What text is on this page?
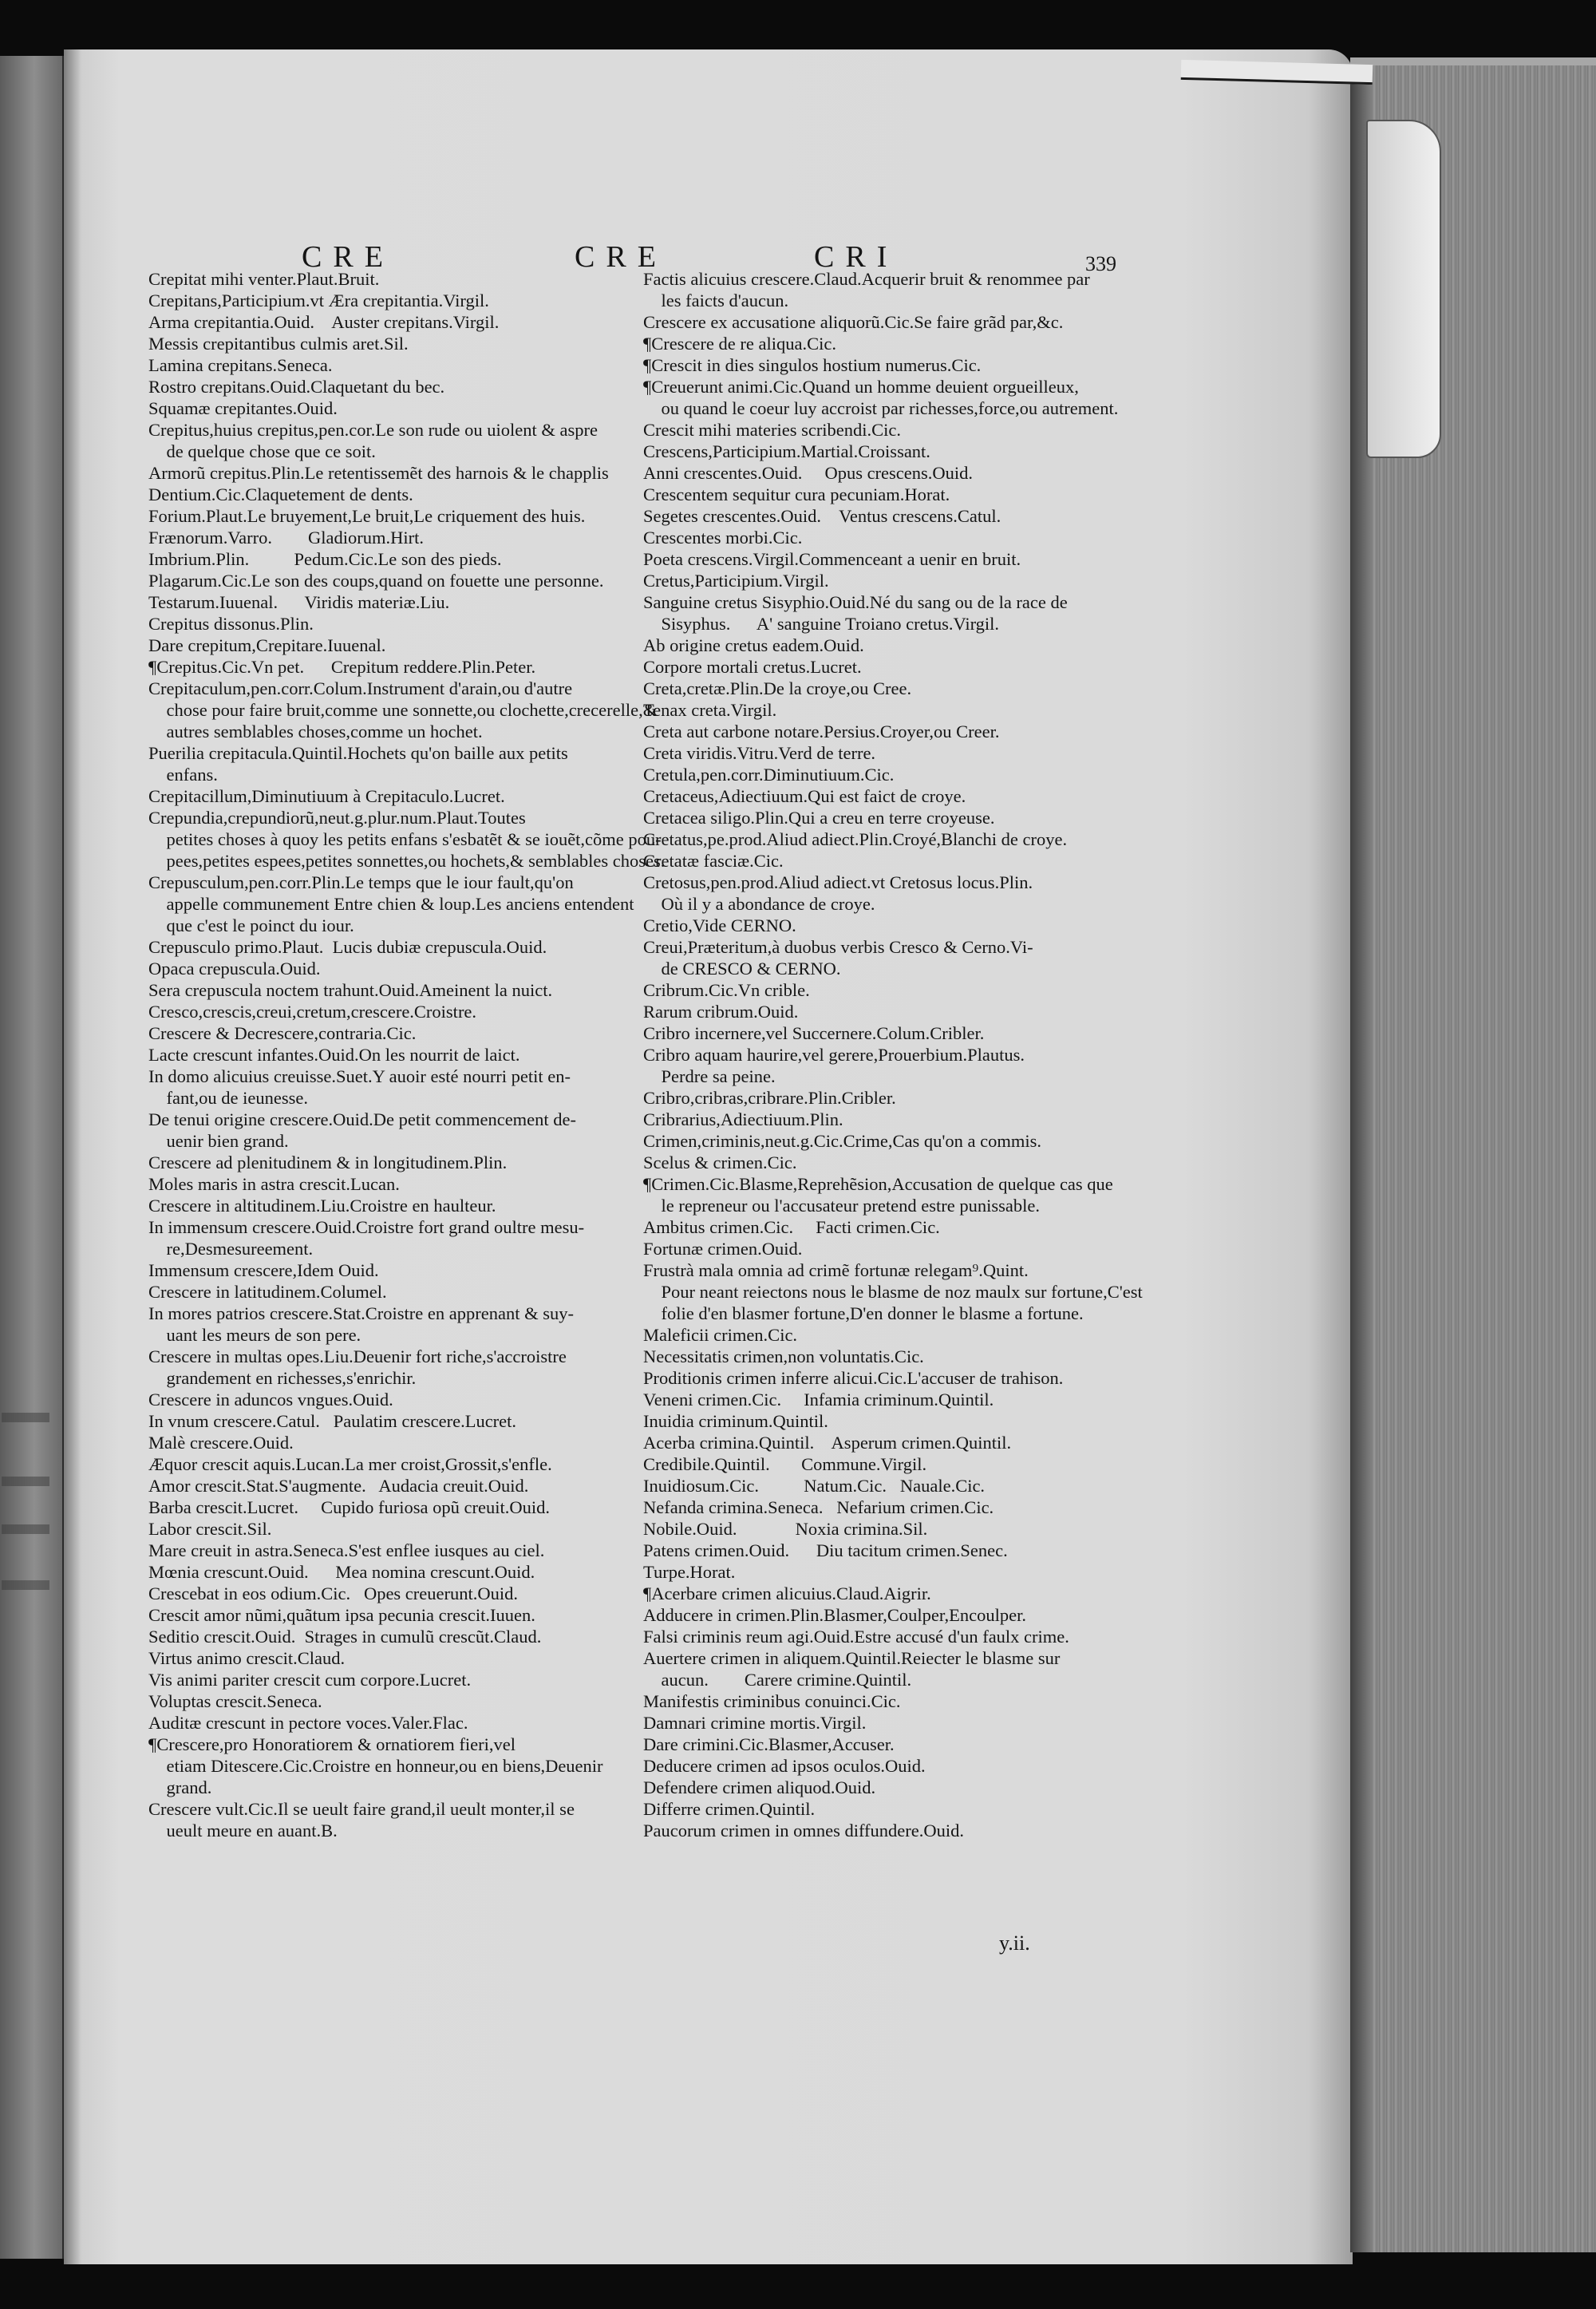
CRE	CRE	CRI	339
Crepitat mihi venter.Plaut.Bruit.
Crepitans,Participium.vt Æra crepitantia.Virgil.
Arma crepitantia.Ouid.    Auster crepitans.Virgil.
Messis crepitantibus culmis aret.Sil.
Lamina crepitans.Seneca.
Rostro crepitans.Ouid.Claquetant du bec.
Squamæ crepitantes.Ouid.
Crepitus,huius crepitus,pen.cor.Le son rude ou uiolent & aspre
de quelque chose que ce soit.
Armorũ crepitus.Plin.Le retentissemẽt des harnois & le chapplis
Dentium.Cic.Claquetement de dents.
Forium.Plaut.Le bruyement,Le bruit,Le criquement des huis.
Frænorum.Varro.        Gladiorum.Hirt.
Imbrium.Plin.          Pedum.Cic.Le son des pieds.
Plagarum.Cic.Le son des coups,quand on fouette une personne.
Testarum.Iuuenal.      Viridis materiæ.Liu.
Crepitus dissonus.Plin.
Dare crepitum,Crepitare.Iuuenal.
¶Crepitus.Cic.Vn pet.      Crepitum reddere.Plin.Peter.
Crepitaculum,pen.corr.Colum.Instrument d'arain,ou d'autre
chose pour faire bruit,comme une sonnette,ou clochette,crecerelle,&
autres semblables choses,comme un hochet.
Puerilia crepitacula.Quintil.Hochets qu'on baille aux petits
enfans.
Crepitacillum,Diminutiuum à Crepitaculo.Lucret.
Crepundia,crepundiorũ,neut.g.plur.num.Plaut.Toutes
petites choses à quoy les petits enfans s'esbatẽt & se iouẽt,cõme pou-
pees,petites espees,petites sonnettes,ou hochets,& semblables choses.
Crepusculum,pen.corr.Plin.Le temps que le iour fault,qu'on
appelle communement Entre chien & loup.Les anciens entendent
que c'est le poinct du iour.
Crepusculo primo.Plaut.  Lucis dubiæ crepuscula.Ouid.
Opaca crepuscula.Ouid.
Sera crepuscula noctem trahunt.Ouid.Ameinent la nuict.
Cresco,crescis,creui,cretum,crescere.Croistre.
Crescere & Decrescere,contraria.Cic.
Lacte crescunt infantes.Ouid.On les nourrit de laict.
In domo alicuius creuisse.Suet.Y auoir esté nourri petit en-
fant,ou de ieunesse.
De tenui origine crescere.Ouid.De petit commencement de-
uenir bien grand.
Crescere ad plenitudinem & in longitudinem.Plin.
Moles maris in astra crescit.Lucan.
Crescere in altitudinem.Liu.Croistre en haulteur.
In immensum crescere.Ouid.Croistre fort grand oultre mesu-
re,Desmesureement.
Immensum crescere,Idem Ouid.
Crescere in latitudinem.Columel.
In mores patrios crescere.Stat.Croistre en apprenant & suy-
uant les meurs de son pere.
Crescere in multas opes.Liu.Deuenir fort riche,s'accroistre
grandement en richesses,s'enrichir.
Crescere in aduncos vngues.Ouid.
In vnum crescere.Catul.   Paulatim crescere.Lucret.
Malè crescere.Ouid.
Æquor crescit aquis.Lucan.La mer croist,Grossit,s'enfle.
Amor crescit.Stat.S'augmente.   Audacia creuit.Ouid.
Barba crescit.Lucret.     Cupido furiosa opũ creuit.Ouid.
Labor crescit.Sil.
Mare creuit in astra.Seneca.S'est enflee iusques au ciel.
Mœnia crescunt.Ouid.      Mea nomina crescunt.Ouid.
Crescebat in eos odium.Cic.   Opes creuerunt.Ouid.
Crescit amor nũmi,quãtum ipsa pecunia crescit.Iuuen.
Seditio crescit.Ouid.  Strages in cumulũ crescũt.Claud.
Virtus animo crescit.Claud.
Vis animi pariter crescit cum corpore.Lucret.
Voluptas crescit.Seneca.
Auditæ crescunt in pectore voces.Valer.Flac.
¶Crescere,pro Honoratiorem & ornatiorem fieri,vel
etiam Ditescere.Cic.Croistre en honneur,ou en biens,Deuenir
grand.
Crescere vult.Cic.Il se ueult faire grand,il ueult monter,il se
ueult meure en auant.B.
Factis alicuius crescere.Claud.Acquerir bruit & renommee par
les faicts d'aucun.
Crescere ex accusatione aliquorũ.Cic.Se faire grãd par,&c.
¶Crescere de re aliqua.Cic.
¶Crescit in dies singulos hostium numerus.Cic.
¶Creuerunt animi.Cic.Quand un homme deuient orgueilleux,
ou quand le coeur luy accroist par richesses,force,ou autrement.
Crescit mihi materies scribendi.Cic.
Crescens,Participium.Martial.Croissant.
Anni crescentes.Ouid.     Opus crescens.Ouid.
Crescentem sequitur cura pecuniam.Horat.
Segetes crescentes.Ouid.    Ventus crescens.Catul.
Crescentes morbi.Cic.
Poeta crescens.Virgil.Commenceant a uenir en bruit.
Cretus,Participium.Virgil.
Sanguine cretus Sisyphio.Ouid.Né du sang ou de la race de
Sisyphus.      A' sanguine Troiano cretus.Virgil.
Ab origine cretus eadem.Ouid.
Corpore mortali cretus.Lucret.
Creta,cretæ.Plin.De la croye,ou Cree.
Tenax creta.Virgil.
Creta aut carbone notare.Persius.Croyer,ou Creer.
Creta viridis.Vitru.Verd de terre.
Cretula,pen.corr.Diminutiuum.Cic.
Cretaceus,Adiectiuum.Qui est faict de croye.
Cretacea siligo.Plin.Qui a creu en terre croyeuse.
Cretatus,pe.prod.Aliud adiect.Plin.Croyé,Blanchi de croye.
Cretatæ fasciæ.Cic.
Cretosus,pen.prod.Aliud adiect.vt Cretosus locus.Plin.
Où il y a abondance de croye.
Cretio,Vide CERNO.
Creui,Præteritum,à duobus verbis Cresco & Cerno.Vi-
de CRESCO & CERNO.
Cribrum.Cic.Vn crible.
Rarum cribrum.Ouid.
Cribro incernere,vel Succernere.Colum.Cribler.
Cribro aquam haurire,vel gerere,Prouerbium.Plautus.
Perdre sa peine.
Cribro,cribras,cribrare.Plin.Cribler.
Cribrarius,Adiectiuum.Plin.
Crimen,criminis,neut.g.Cic.Crime,Cas qu'on a commis.
Scelus & crimen.Cic.
¶Crimen.Cic.Blasme,Reprehẽsion,Accusation de quelque cas que
le repreneur ou l'accusateur pretend estre punissable.
Ambitus crimen.Cic.     Facti crimen.Cic.
Fortunæ crimen.Ouid.
Frustrà mala omnia ad crimẽ fortunæ relegam⁹.Quint.
Pour neant reiectons nous le blasme de noz maulx sur fortune,C'est
folie d'en blasmer fortune,D'en donner le blasme a fortune.
Maleficii crimen.Cic.
Necessitatis crimen,non voluntatis.Cic.
Proditionis crimen inferre alicui.Cic.L'accuser de trahison.
Veneni crimen.Cic.     Infamia criminum.Quintil.
Inuidia criminum.Quintil.
Acerba crimina.Quintil.    Asperum crimen.Quintil.
Credibile.Quintil.       Commune.Virgil.
Inuidiosum.Cic.          Natum.Cic.   Nauale.Cic.
Nefanda crimina.Seneca.   Nefarium crimen.Cic.
Nobile.Ouid.             Noxia crimina.Sil.
Patens crimen.Ouid.      Diu tacitum crimen.Senec.
Turpe.Horat.
¶Acerbare crimen alicuius.Claud.Aigrir.
Adducere in crimen.Plin.Blasmer,Coulper,Encoulper.
Falsi criminis reum agi.Ouid.Estre accusé d'un faulx crime.
Auertere crimen in aliquem.Quintil.Reiecter le blasme sur
aucun.        Carere crimine.Quintil.
Manifestis criminibus conuinci.Cic.
Damnari crimine mortis.Virgil.
Dare crimini.Cic.Blasmer,Accuser.
Deducere crimen ad ipsos oculos.Ouid.
Defendere crimen aliquod.Ouid.
Differre crimen.Quintil.
Paucorum crimen in omnes diffundere.Ouid.
y.ii.
